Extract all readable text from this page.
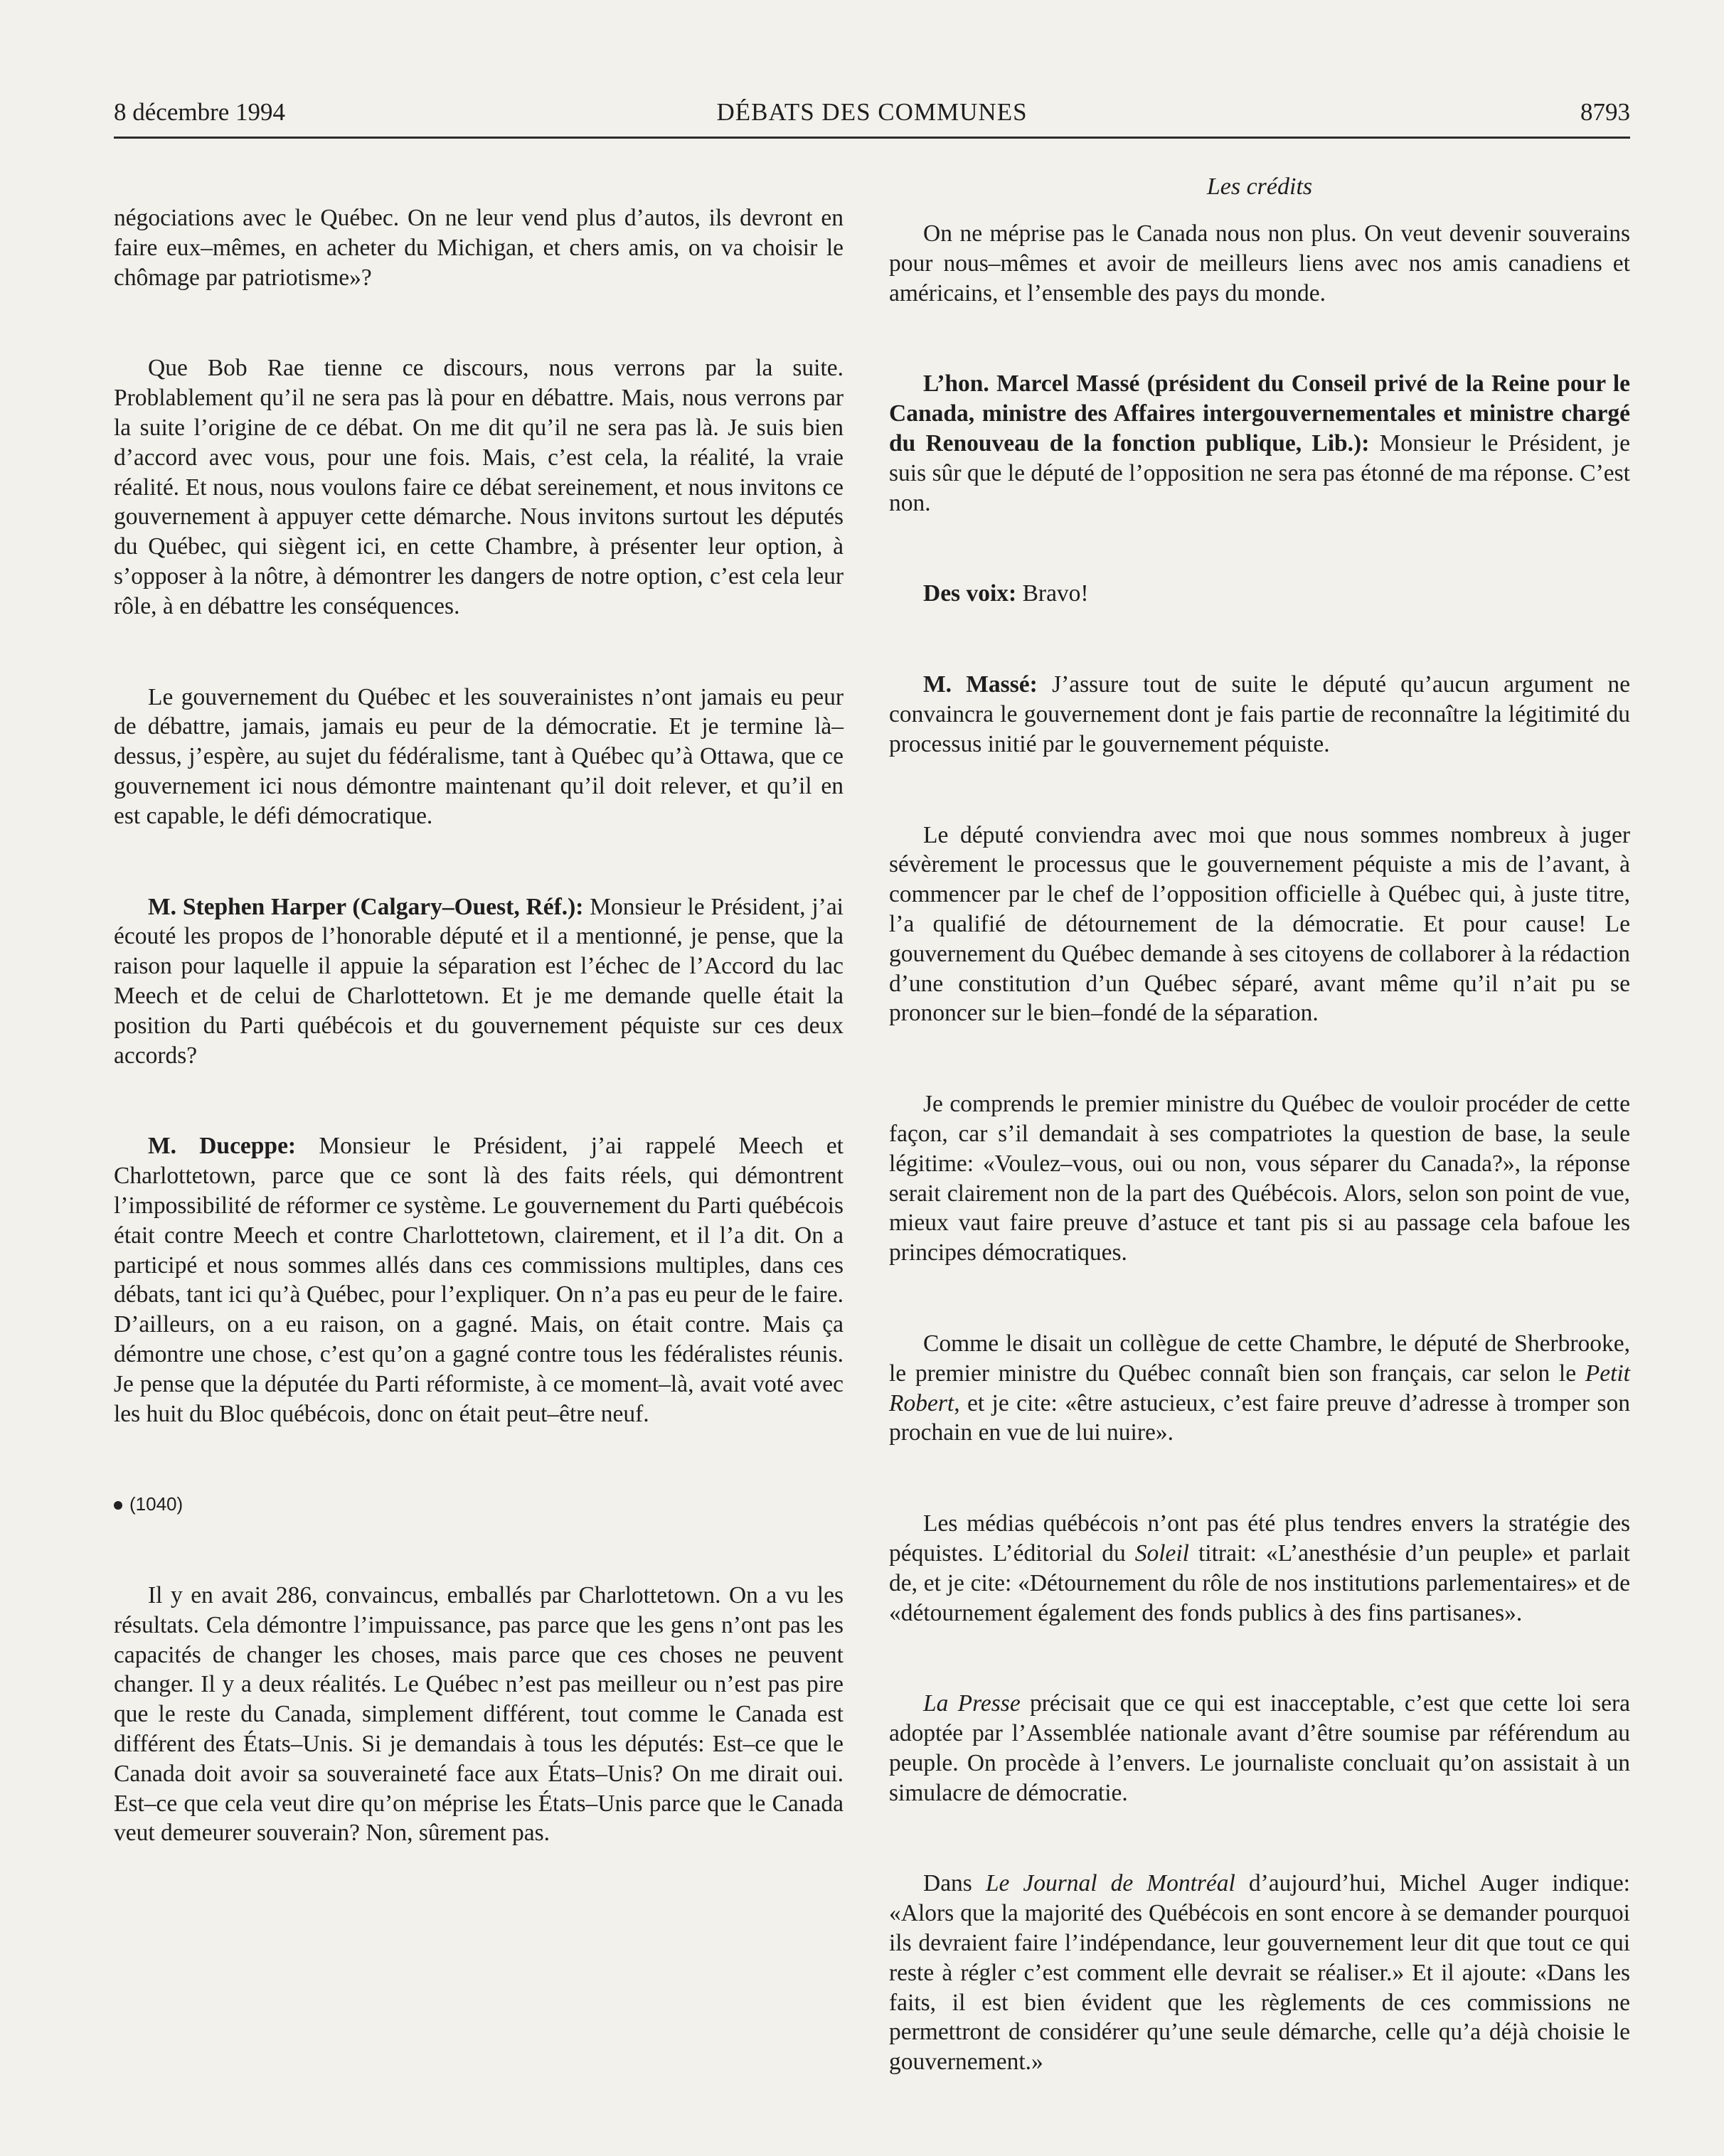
8 décembre 1994	DÉBATS DES COMMUNES	8793
Les crédits

négociations avec le Québec. On ne leur vend plus d’autos, ils devront en faire eux–mêmes, en acheter du Michigan, et chers amis, on va choisir le chômage par patriotisme»?

Que Bob Rae tienne ce discours, nous verrons par la suite. Problablement qu’il ne sera pas là pour en débattre. Mais, nous verrons par la suite l’origine de ce débat. On me dit qu’il ne sera pas là. Je suis bien d’accord avec vous, pour une fois. Mais, c’est cela, la réalité, la vraie réalité. Et nous, nous voulons faire ce débat sereinement, et nous invitons ce gouvernement à appuyer cette démarche. Nous invitons surtout les députés du Québec, qui siègent ici, en cette Chambre, à présenter leur option, à s’opposer à la nôtre, à démontrer les dangers de notre option, c’est cela leur rôle, à en débattre les conséquences.

Le gouvernement du Québec et les souverainistes n’ont jamais eu peur de débattre, jamais, jamais eu peur de la démocratie. Et je termine là–dessus, j’espère, au sujet du fédéralisme, tant à Québec qu’à Ottawa, que ce gouvernement ici nous démontre maintenant qu’il doit relever, et qu’il en est capable, le défi démocratique.

M. Stephen Harper (Calgary–Ouest, Réf.): Monsieur le Président, j’ai écouté les propos de l’honorable député et il a mentionné, je pense, que la raison pour laquelle il appuie la séparation est l’échec de l’Accord du lac Meech et de celui de Charlottetown. Et je me demande quelle était la position du Parti québécois et du gouvernement péquiste sur ces deux accords?

M. Duceppe: Monsieur le Président, j’ai rappelé Meech et Charlottetown, parce que ce sont là des faits réels, qui démontrent l’impossibilité de réformer ce système. Le gouvernement du Parti québécois était contre Meech et contre Charlottetown, clairement, et il l’a dit. On a participé et nous sommes allés dans ces commissions multiples, dans ces débats, tant ici qu’à Québec, pour l’expliquer. On n’a pas eu peur de le faire. D’ailleurs, on a eu raison, on a gagné. Mais, on était contre. Mais ça démontre une chose, c’est qu’on a gagné contre tous les fédéralistes réunis. Je pense que la députée du Parti réformiste, à ce moment–là, avait voté avec les huit du Bloc québécois, donc on était peut–être neuf.

(1040)

Il y en avait 286, convaincus, emballés par Charlottetown. On a vu les résultats. Cela démontre l’impuissance, pas parce que les gens n’ont pas les capacités de changer les choses, mais parce que ces choses ne peuvent changer. Il y a deux réalités. Le Québec n’est pas meilleur ou n’est pas pire que le reste du Canada, simplement différent, tout comme le Canada est différent des États–Unis. Si je demandais à tous les députés: Est–ce que le Canada doit avoir sa souveraineté face aux États–Unis? On me dirait oui. Est–ce que cela veut dire qu’on méprise les États–Unis parce que le Canada veut demeurer souverain? Non, sûrement pas.

On ne méprise pas le Canada nous non plus. On veut devenir souverains pour nous–mêmes et avoir de meilleurs liens avec nos amis canadiens et américains, et l’ensemble des pays du monde.

L’hon. Marcel Massé (président du Conseil privé de la Reine pour le Canada, ministre des Affaires intergouvernementales et ministre chargé du Renouveau de la fonction publique, Lib.): Monsieur le Président, je suis sûr que le député de l’opposition ne sera pas étonné de ma réponse. C’est non.

Des voix: Bravo!

M. Massé: J’assure tout de suite le député qu’aucun argument ne convaincra le gouvernement dont je fais partie de reconnaître la légitimité du processus initié par le gouvernement péquiste.

Le député conviendra avec moi que nous sommes nombreux à juger sévèrement le processus que le gouvernement péquiste a mis de l’avant, à commencer par le chef de l’opposition officielle à Québec qui, à juste titre, l’a qualifié de détournement de la démocratie. Et pour cause! Le gouvernement du Québec demande à ses citoyens de collaborer à la rédaction d’une constitution d’un Québec séparé, avant même qu’il n’ait pu se prononcer sur le bien–fondé de la séparation.

Je comprends le premier ministre du Québec de vouloir procéder de cette façon, car s’il demandait à ses compatriotes la question de base, la seule légitime: «Voulez–vous, oui ou non, vous séparer du Canada?», la réponse serait clairement non de la part des Québécois. Alors, selon son point de vue, mieux vaut faire preuve d’astuce et tant pis si au passage cela bafoue les principes démocratiques.

Comme le disait un collègue de cette Chambre, le député de Sherbrooke, le premier ministre du Québec connaît bien son français, car selon le Petit Robert, et je cite: «être astucieux, c’est faire preuve d’adresse à tromper son prochain en vue de lui nuire».

Les médias québécois n’ont pas été plus tendres envers la stratégie des péquistes. L’éditorial du Soleil titrait: «L’anesthésie d’un peuple» et parlait de, et je cite: «Détournement du rôle de nos institutions parlementaires» et de «détournement également des fonds publics à des fins partisanes».

La Presse précisait que ce qui est inacceptable, c’est que cette loi sera adoptée par l’Assemblée nationale avant d’être soumise par référendum au peuple. On procède à l’envers. Le journaliste concluait qu’on assistait à un simulacre de démocratie.

Dans Le Journal de Montréal d’aujourd’hui, Michel Auger indique: «Alors que la majorité des Québécois en sont encore à se demander pourquoi ils devraient faire l’indépendance, leur gouvernement leur dit que tout ce qui reste à régler c’est comment elle devrait se réaliser.» Et il ajoute: «Dans les faits, il est bien évident que les règlements de ces commissions ne permettront de considérer qu’une seule démarche, celle qu’a déjà choisie le gouvernement.»
